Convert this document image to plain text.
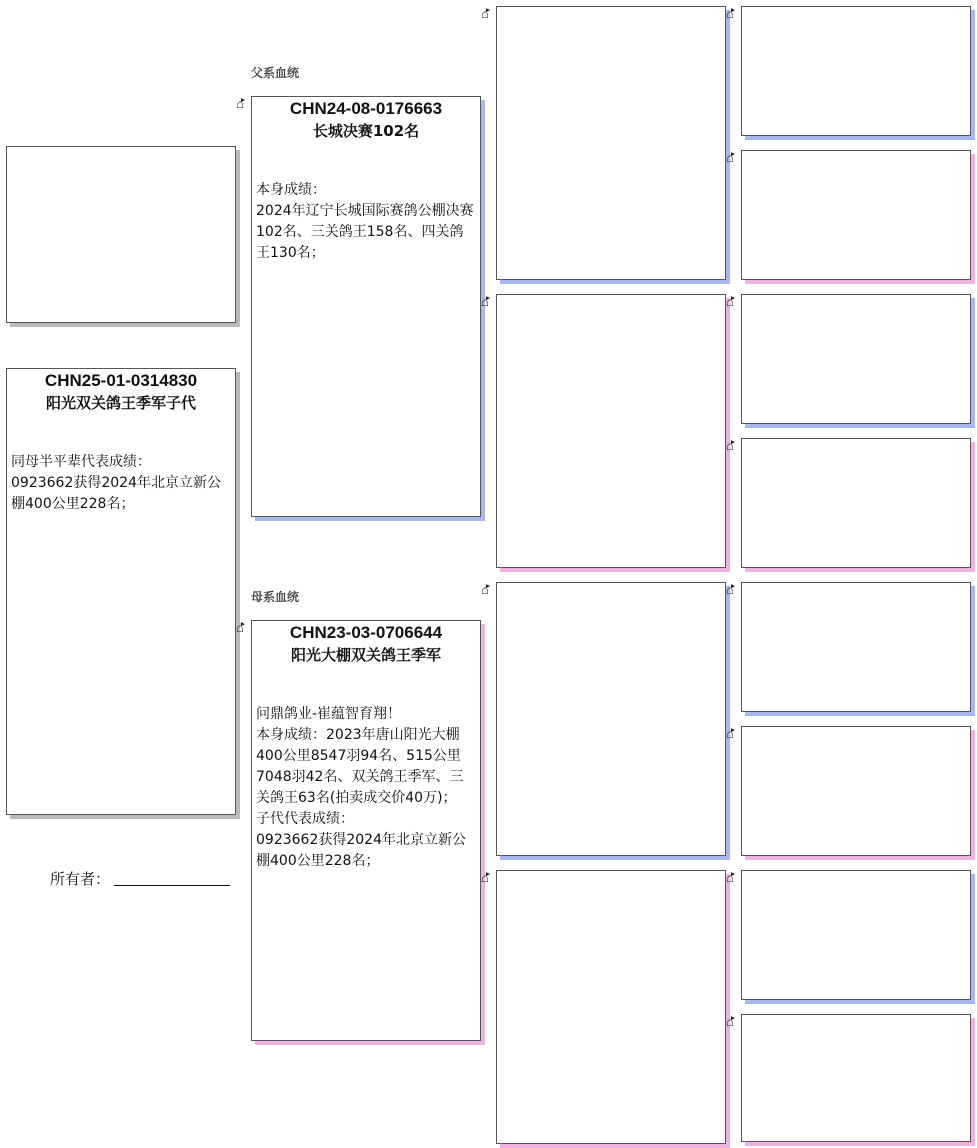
CHN25-01-0314830
阳光双关鸽王季军子代
同母半平辈代表成绩：
0923662获得2024年北京立新公棚400公里228名；
所有者：
父系血统
母系血统
⌂ ▶
⌂ ▶
CHN24-08-0176663
长城决赛102名
本身成绩：
2024年辽宁长城国际赛鸽公棚决赛102名、三关鸽王158名、四关鸽王130名；
CHN23-03-0706644
阳光大棚双关鸽王季军
问鼎鸽业-崔蕴智育翔！
本身成绩：2023年唐山阳光大棚400公里8547羽94名、515公里7048羽42名、双关鸽王季军、三关鸽王63名(拍卖成交价40万)；
子代代表成绩：
0923662获得2024年北京立新公棚400公里228名；
⌂ ▶
⌂ ▶
⌂ ▶
⌂ ▶
⌂ ▶
⌂ ▶
⌂ ▶
⌂ ▶
⌂ ▶
⌂ ▶
⌂ ▶
⌂ ▶
